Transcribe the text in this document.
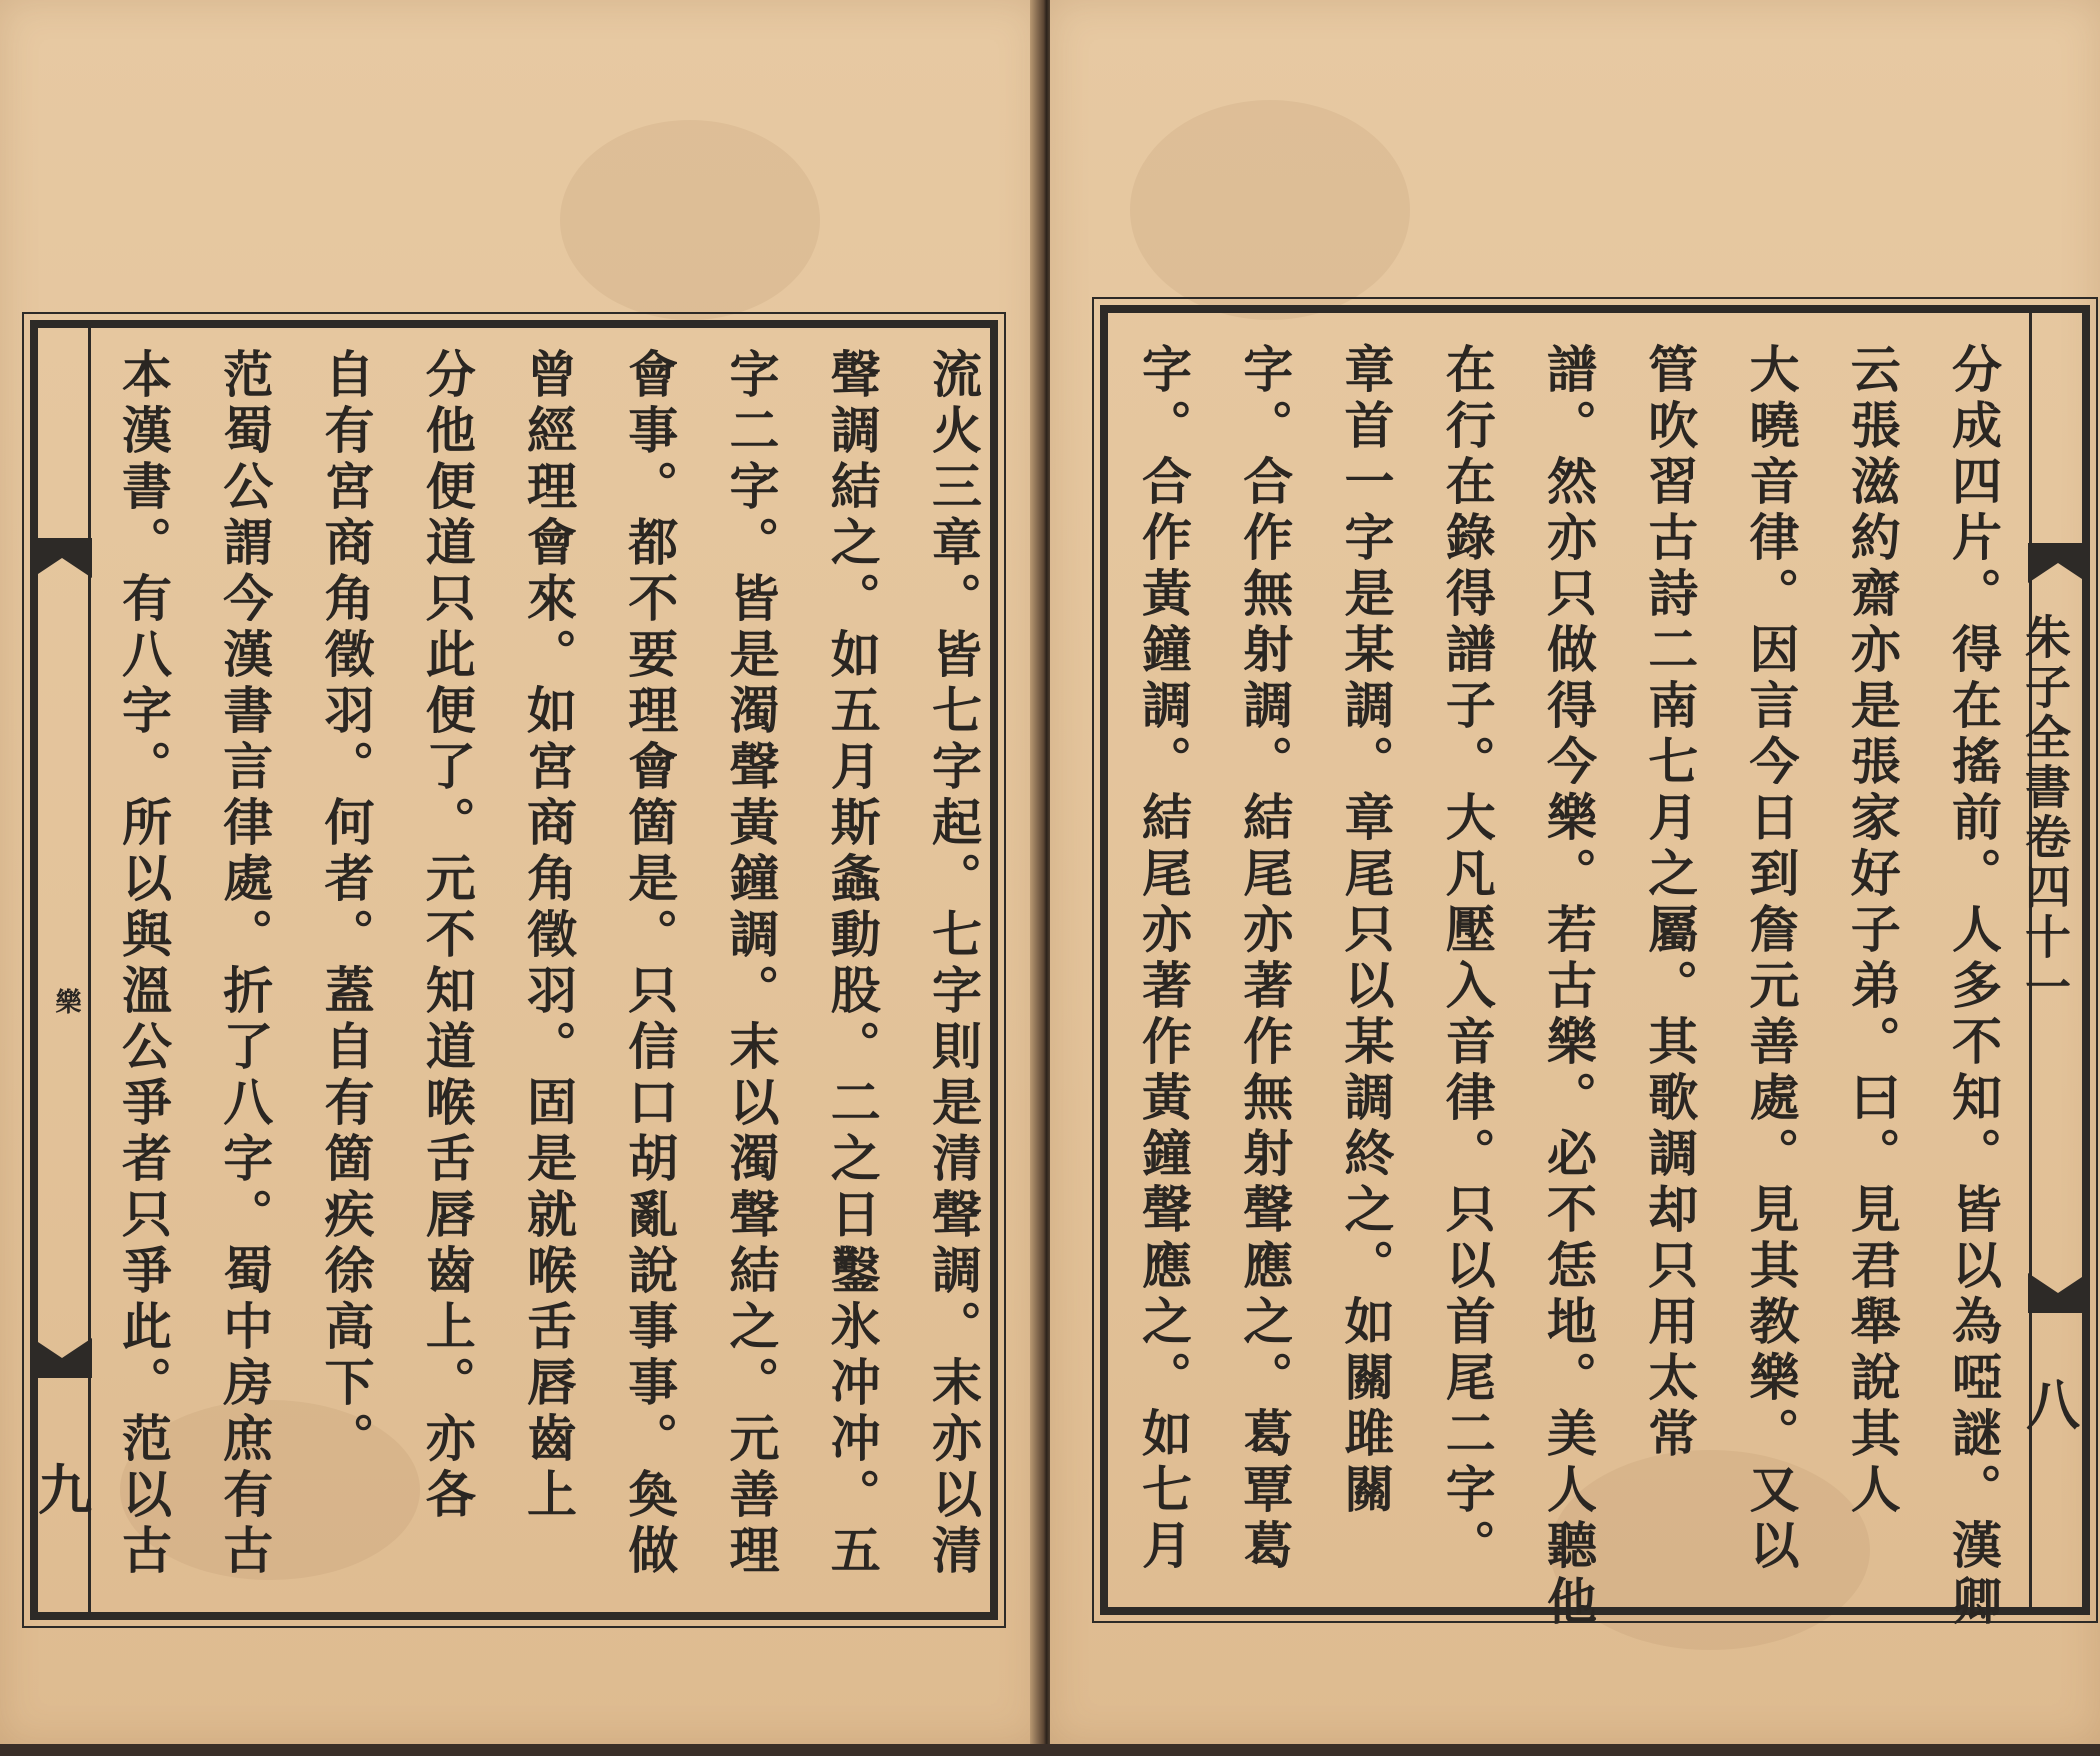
樂
九	流火三章。皆七字起。七字則是清聲調。末亦以清
聲調結之。如五月斯螽動股。二之日鑿氷冲冲。五
字二字。皆是濁聲黃鐘調。末以濁聲結之。元善理
會事。都不要理會箇是。只信口胡亂說事事。奐做
曾經理會來。如宮商角徵羽。固是就喉舌唇齒上
分他便道只此便了。元不知道喉舌唇齒上。亦各
自有宮商角徵羽。何者。蓋自有箇疾徐高下。
范蜀公謂今漢書言律處。折了八字。蜀中房庶有古
本漢書。有八字。所以與溫公爭者只爭此。范以古	分成四片。得在搖前。人多不知。皆以為啞謎。漢卿
云張滋約齋亦是張家好子弟。曰。見君舉說其人
大曉音律。因言今日到詹元善處。見其教樂。又以
管吹習古詩二南七月之屬。其歌調却只用太常
譜。然亦只做得今樂。若古樂。必不恁地。美人聽他
在行在錄得譜子。大凡壓入音律。只以首尾二字。
章首一字是某調。章尾只以某調終之。如關雎關
字。合作無射調。結尾亦著作無射聲應之。葛覃葛
字。合作黃鐘調。結尾亦著作黃鐘聲應之。如七月	朱子全書卷四十一
八
